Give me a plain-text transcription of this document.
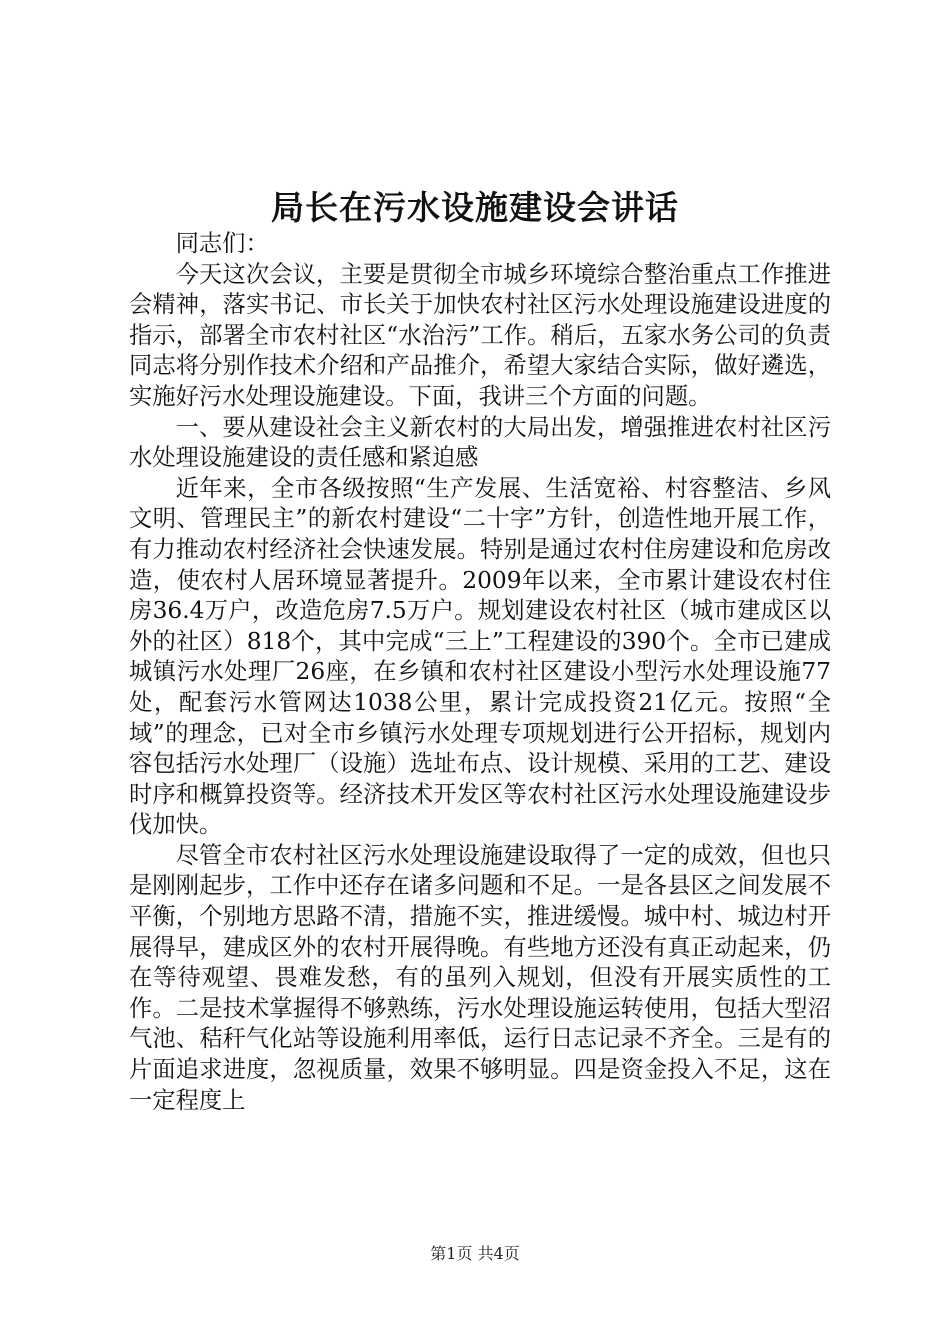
局长在污水设施建设会讲话

同志们：

今天这次会议，主要是贯彻全市城乡环境综合整治重点工作推进会精神，落实书记、市长关于加快农村社区污水处理设施建设进度的指示，部署全市农村社区“水治污”工作。稍后，五家水务公司的负责同志将分别作技术介绍和产品推介，希望大家结合实际，做好遴选，实施好污水处理设施建设。下面，我讲三个方面的问题。

一、要从建设社会主义新农村的大局出发，增强推进农村社区污水处理设施建设的责任感和紧迫感

近年来，全市各级按照“生产发展、生活宽裕、村容整洁、乡风文明、管理民主”的新农村建设“二十字”方针，创造性地开展工作，有力推动农村经济社会快速发展。特别是通过农村住房建设和危房改造，使农村人居环境显著提升。2009年以来，全市累计建设农村住房36.4万户，改造危房7.5万户。规划建设农村社区（城市建成区以外的社区）818个，其中完成“三上”工程建设的390个。全市已建成城镇污水处理厂26座，在乡镇和农村社区建设小型污水处理设施77处，配套污水管网达1038公里，累计完成投资21亿元。按照“全域”的理念，已对全市乡镇污水处理专项规划进行公开招标，规划内容包括污水处理厂（设施）选址布点、设计规模、采用的工艺、建设时序和概算投资等。经济技术开发区等农村社区污水处理设施建设步伐加快。

尽管全市农村社区污水处理设施建设取得了一定的成效，但也只是刚刚起步，工作中还存在诸多问题和不足。一是各县区之间发展不平衡，个别地方思路不清，措施不实，推进缓慢。城中村、城边村开展得早，建成区外的农村开展得晚。有些地方还没有真正动起来，仍在等待观望、畏难发愁，有的虽列入规划，但没有开展实质性的工作。二是技术掌握得不够熟练，污水处理设施运转使用，包括大型沼气池、秸秆气化站等设施利用率低，运行日志记录不齐全。三是有的片面追求进度，忽视质量，效果不够明显。四是资金投入不足，这在一定程度上

第1页 共4页
